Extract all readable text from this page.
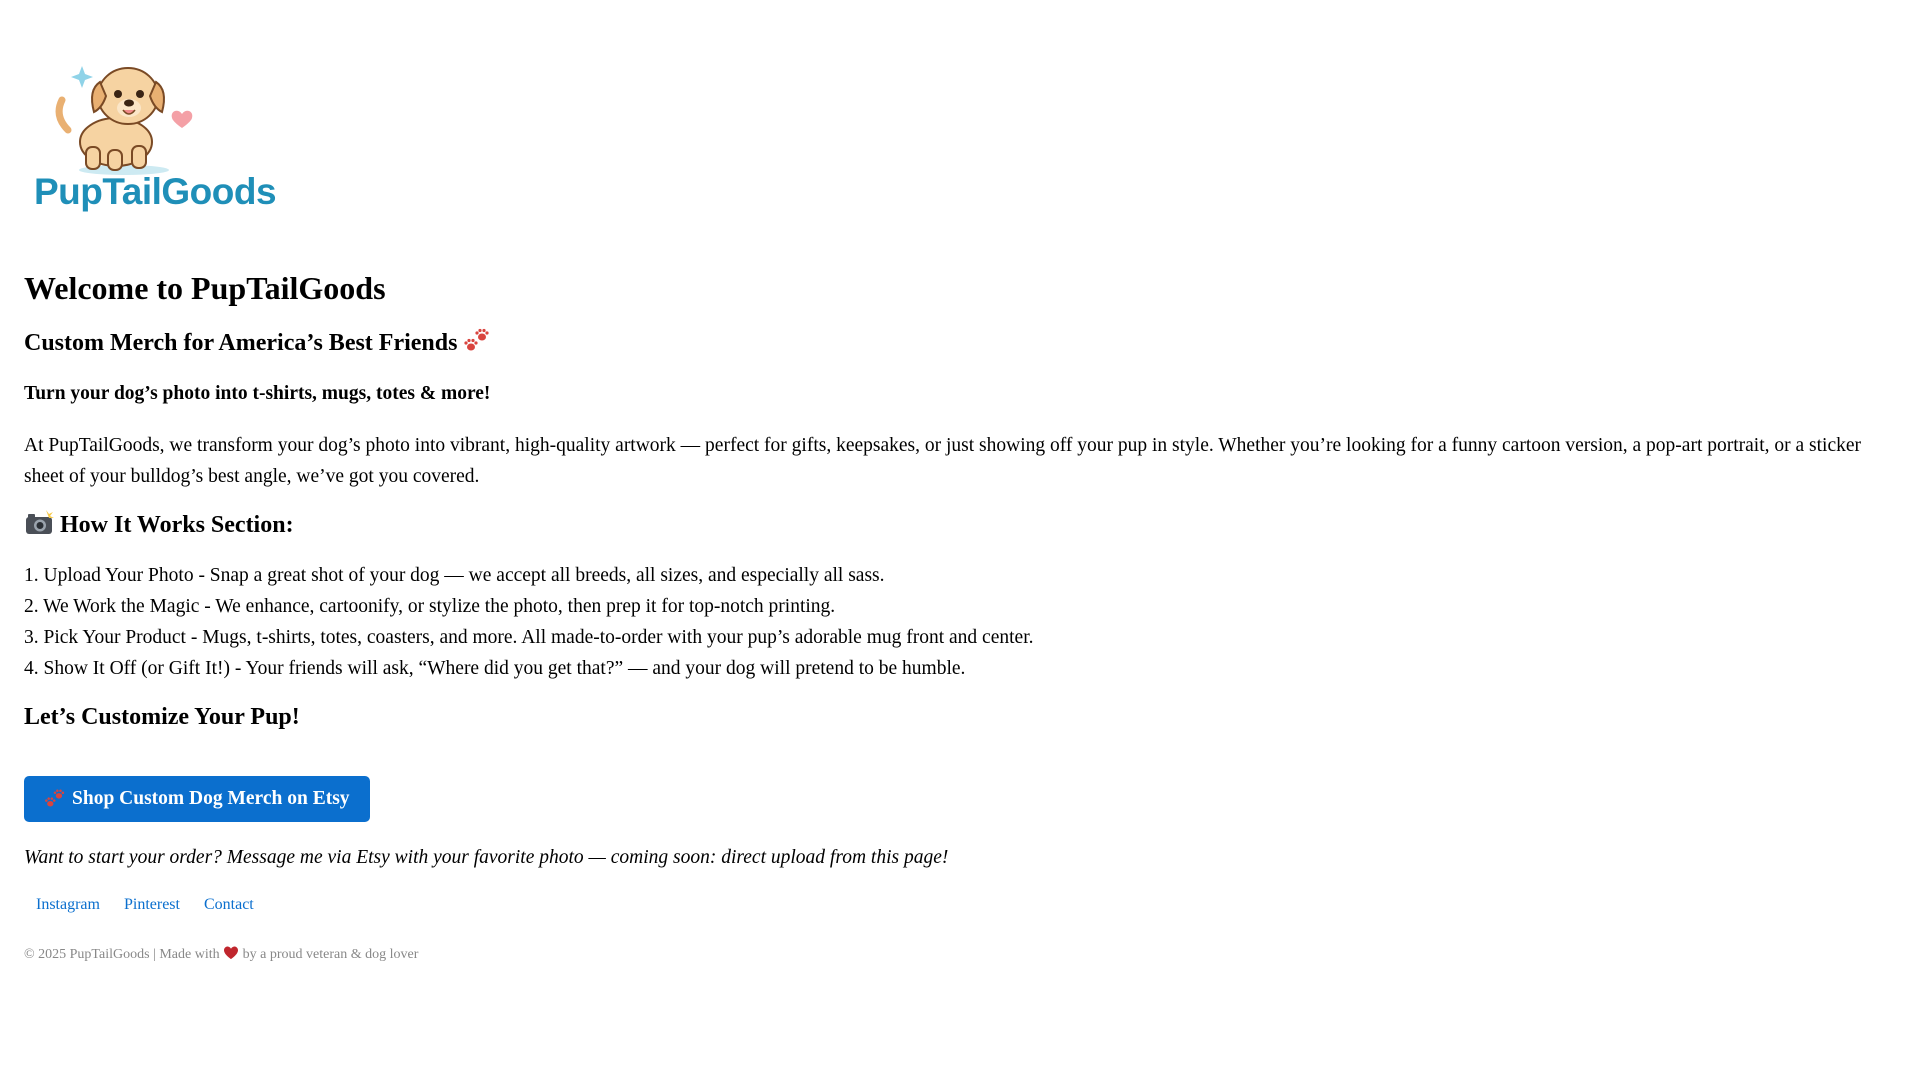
PupTailGoods
Welcome to PupTailGoods
Custom Merch for America’s Best Friends

Turn your dog’s photo into t-shirts, mugs, totes & more!

At PupTailGoods, we transform your dog’s photo into vibrant, high-quality artwork — perfect for gifts, keepsakes, or just showing off your pup in style. Whether you’re looking for a funny cartoon version, a pop-art portrait, or a sticker sheet of your bulldog’s best angle, we’ve got you covered.

How It Works Section:
1. Upload Your Photo - Snap a great shot of your dog — we accept all breeds, all sizes, and especially all sass.
2. We Work the Magic - We enhance, cartoonify, or stylize the photo, then prep it for top-notch printing.
3. Pick Your Product - Mugs, t-shirts, totes, coasters, and more. All made-to-order with your pup’s adorable mug front and center.
4. Show It Off (or Gift It!) - Your friends will ask, “Where did you get that?” — and your dog will pretend to be humble.
Let’s Customize Your Pup!
Shop Custom Dog Merch on Etsy

Want to start your order? Message me via Etsy with your favorite photo — coming soon: direct upload from this page!

Instagram	Pinterest	Contact
© 2025 PupTailGoods | Made with by a proud veteran & dog lover
